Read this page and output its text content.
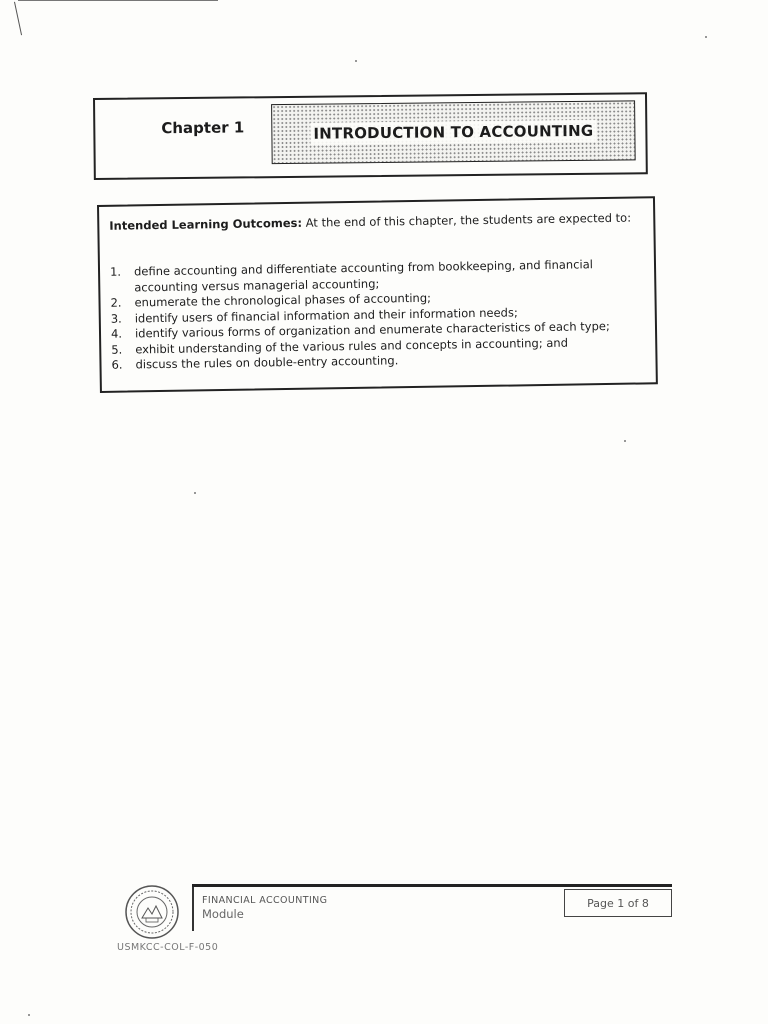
Chapter 1	INTRODUCTION TO ACCOUNTING
Intended Learning Outcomes: At the end of this chapter, the students are expected to:
1.	define accounting and differentiate accounting from bookkeeping, and financial accounting versus managerial accounting;
2.	enumerate the chronological phases of accounting;
3.	identify users of financial information and their information needs;
4.	identify various forms of organization and enumerate characteristics of each type;
5.	exhibit understanding of the various rules and concepts in accounting; and
6.	discuss the rules on double-entry accounting.
FINANCIAL ACCOUNTING
Module
Page 1 of 8
USMKCC-COL-F-050
